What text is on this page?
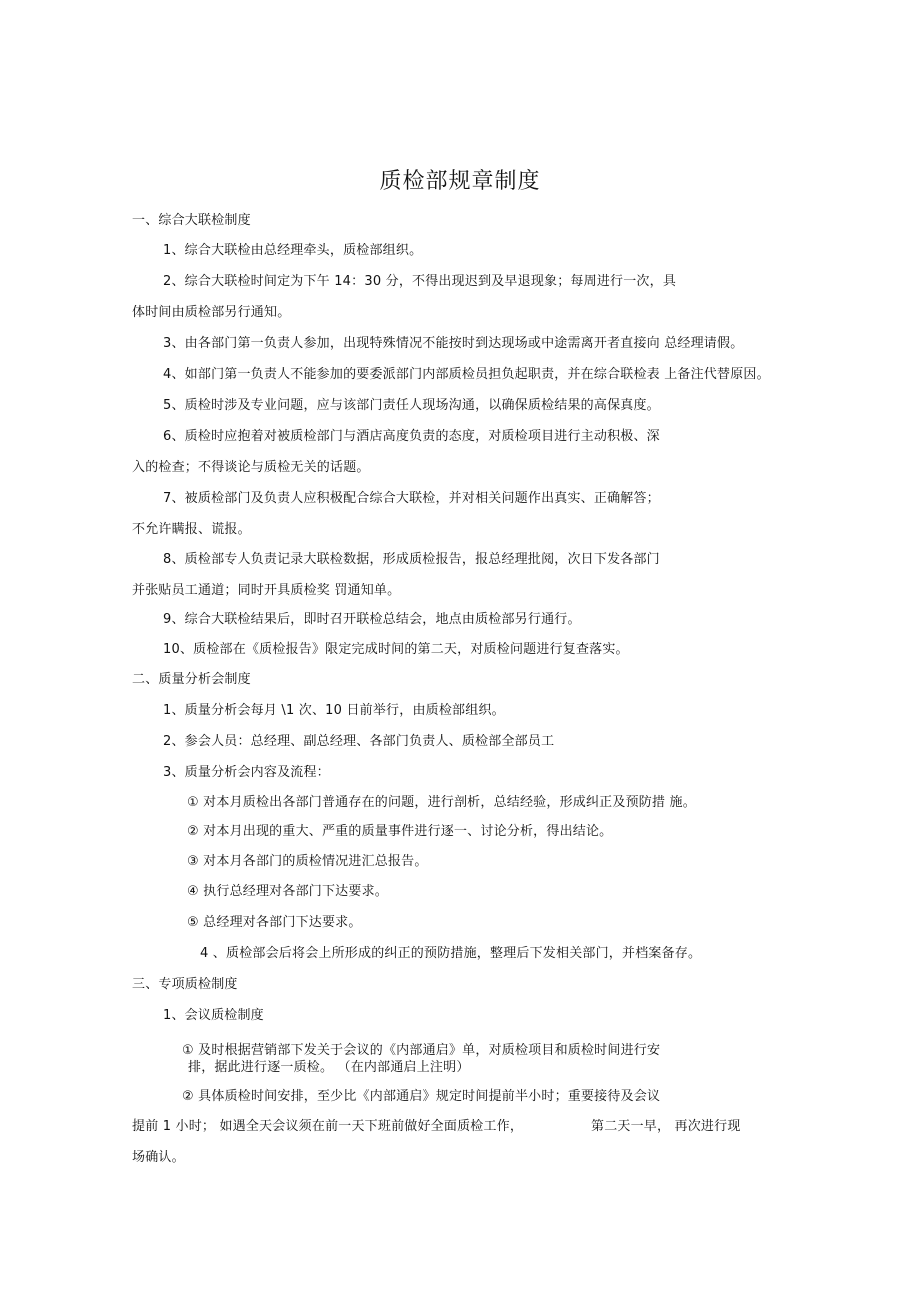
质检部规章制度
一、综合大联检制度
1、综合大联检由总经理牵头，质检部组织。
2、综合大联检时间定为下午 14：30 分，不得出现迟到及早退现象；每周进行一次，具
体时间由质检部另行通知。
3、由各部门第一负责人参加，出现特殊情况不能按时到达现场或中途需离开者直接向 总经理请假。
4、如部门第一负责人不能参加的要委派部门内部质检员担负起职责，并在综合联检表 上备注代替原因。
5、质检时涉及专业问题，应与该部门责任人现场沟通，以确保质检结果的高保真度。
6、质检时应抱着对被质检部门与酒店高度负责的态度，对质检项目进行主动积极、深
入的检查；不得谈论与质检无关的话题。
7、被质检部门及负责人应积极配合综合大联检，并对相关问题作出真实、正确解答；
不允许瞒报、谎报。
8、质检部专人负责记录大联检数据，形成质检报告，报总经理批阅，次日下发各部门
并张贴员工通道；同时开具质检奖 罚通知单。
9、综合大联检结果后，即时召开联检总结会，地点由质检部另行通行。
10、质检部在《质检报告》限定完成时间的第二天，对质检问题进行复查落实。
二、质量分析会制度
1、质量分析会每月 \1 次、10 日前举行，由质检部组织。
2、参会人员：总经理、副总经理、各部门负责人、质检部全部员工
3、质量分析会内容及流程：
① 对本月质检出各部门普通存在的问题，进行剖析，总结经验，形成纠正及预防措 施。
② 对本月出现的重大、严重的质量事件进行逐一、讨论分析，得出结论。
③ 对本月各部门的质检情况进汇总报告。
④ 执行总经理对各部门下达要求。
⑤ 总经理对各部门下达要求。
4 、质检部会后将会上所形成的纠正的预防措施，整理后下发相关部门，并档案备存。
三、专项质检制度
1、会议质检制度
① 及时根据营销部下发关于会议的《内部通启》单，对质检项目和质检时间进行安
排，据此进行逐一质检。 （在内部通启上注明）
② 具体质检时间安排，至少比《内部通启》规定时间提前半小时；重要接待及会议
提前 1 小时； 如遇全天会议须在前一天下班前做好全面质检工作，	第二天一早， 再次进行现
场确认。
